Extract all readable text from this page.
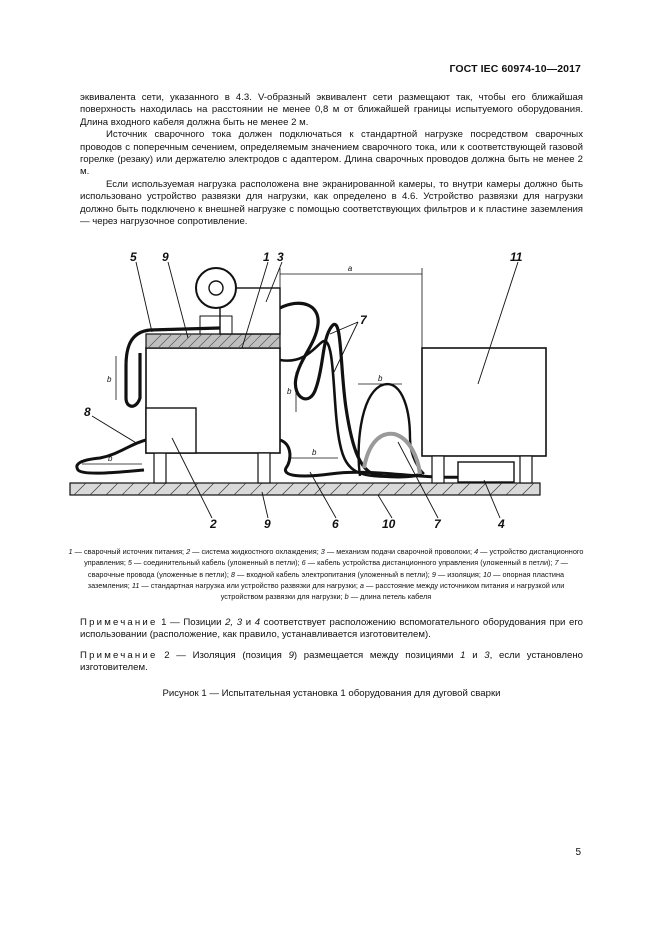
ГОСТ IEC 60974-10—2017

эквивалента сети, указанного в 4.3. V-образный эквивалент сети размещают так, чтобы его ближайшая поверхность находилась на расстоянии не менее 0,8 м от ближайшей границы испытуемого оборудования. Длина входного кабеля должна быть не менее 2 м.

Источник сварочного тока должен подключаться к стандартной нагрузке посредством сварочных проводов с поперечным сечением, определяемым значением сварочного тока, или к соответствующей газовой горелке (резаку) или держателю электродов с адаптером. Длина сварочных проводов должна быть не менее 2 м.

Если используемая нагрузка расположена вне экранированной камеры, то внутри камеры должно быть использовано устройство развязки для нагрузки, как определено в 4.6. Устройство развязки для нагрузки должно быть подключено к внешней нагрузке с помощью соответствующих фильтров и к пластине заземления — через нагрузочное сопротивление.

a
b
b
b
b
b
5 9	1 3
7
8
11
2	9	6	10	7	4
1 — сварочный источник питания; 2 — система жидкостного охлаждения; 3 — механизм подачи сварочной проволоки; 4 — устройство дистанционного управления; 5 — соединительный кабель (уложенный в петли); 6 — кабель устройства дистанционного управления (уложенный в петли); 7 — сварочные провода (уложенные в петли); 8 — входной кабель электропитания (уложенный в петли); 9 — изоляция; 10 — опорная пластина заземления; 11 — стандартная нагрузка или устройство развязки для нагрузки; a — расстояние между источником питания и нагрузкой или устройством развязки для нагрузки; b — длина петель кабеля

Примечание 1 — Позиции 2, 3 и 4 соответствует расположению вспомогательного оборудования при его использовании (расположение, как правило, устанавливается изготовителем).

Примечание 2 — Изоляция (позиция 9) размещается между позициями 1 и 3, если установлено изготовителем.

Рисунок 1 — Испытательная установка 1 оборудования для дуговой сварки
5
